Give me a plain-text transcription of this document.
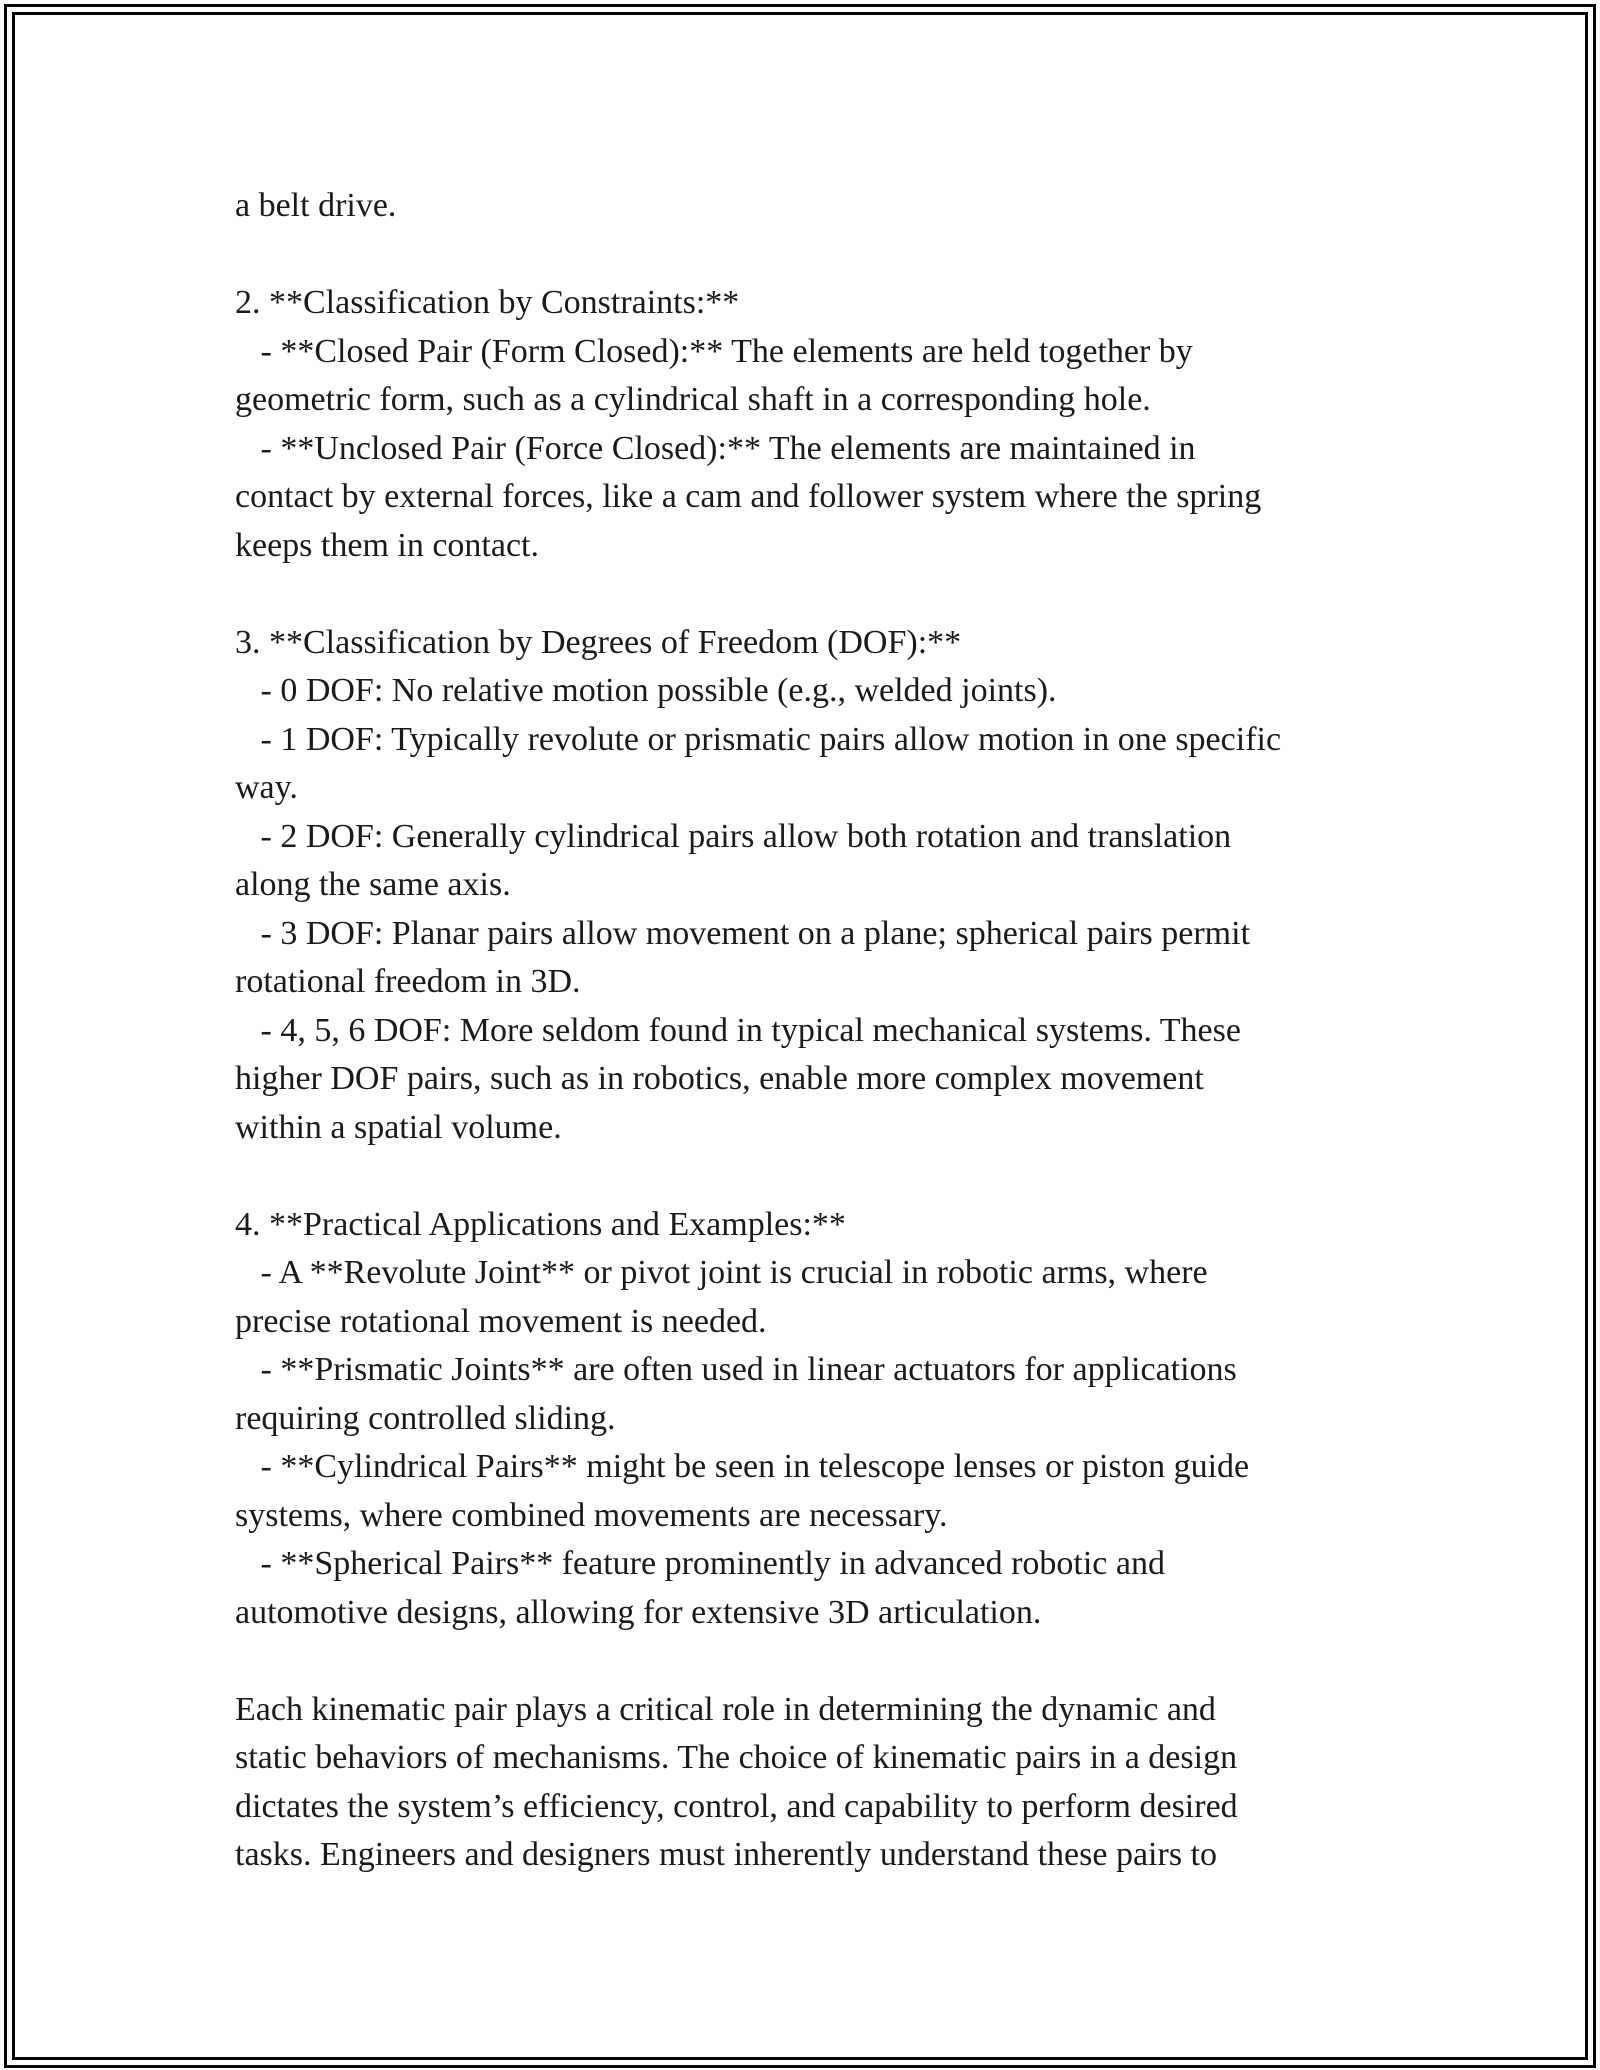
a belt drive.
2. **Classification by Constraints:**
- **Closed Pair (Form Closed):** The elements are held together by
geometric form, such as a cylindrical shaft in a corresponding hole.
- **Unclosed Pair (Force Closed):** The elements are maintained in
contact by external forces, like a cam and follower system where the spring
keeps them in contact.
3. **Classification by Degrees of Freedom (DOF):**
- 0 DOF: No relative motion possible (e.g., welded joints).
- 1 DOF: Typically revolute or prismatic pairs allow motion in one specific
way.
- 2 DOF: Generally cylindrical pairs allow both rotation and translation
along the same axis.
- 3 DOF: Planar pairs allow movement on a plane; spherical pairs permit
rotational freedom in 3D.
- 4, 5, 6 DOF: More seldom found in typical mechanical systems. These
higher DOF pairs, such as in robotics, enable more complex movement
within a spatial volume.
4. **Practical Applications and Examples:**
- A **Revolute Joint** or pivot joint is crucial in robotic arms, where
precise rotational movement is needed.
- **Prismatic Joints** are often used in linear actuators for applications
requiring controlled sliding.
- **Cylindrical Pairs** might be seen in telescope lenses or piston guide
systems, where combined movements are necessary.
- **Spherical Pairs** feature prominently in advanced robotic and
automotive designs, allowing for extensive 3D articulation.
Each kinematic pair plays a critical role in determining the dynamic and
static behaviors of mechanisms. The choice of kinematic pairs in a design
dictates the system’s efficiency, control, and capability to perform desired
tasks. Engineers and designers must inherently understand these pairs to
